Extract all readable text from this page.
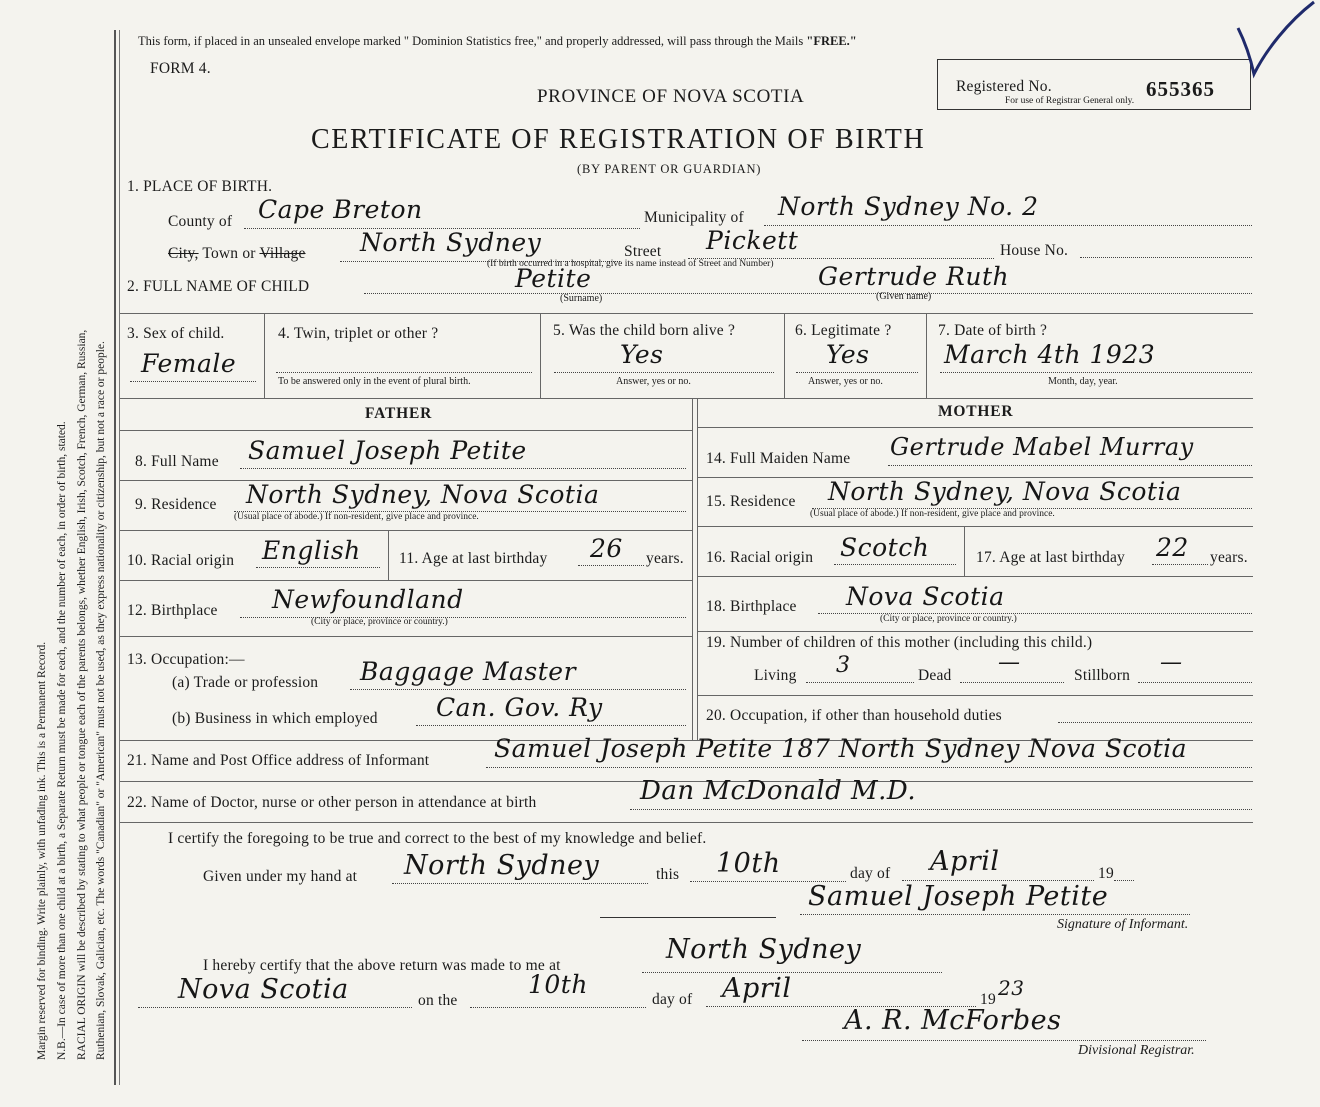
Margin reserved for binding. Write plainly, with unfading ink. This is a Permanent Record. N.B.—In case of more than one child at a birth, a Separate Return must be made for each, and the number of each, in order of birth, stated. RACIAL ORIGIN will be described by stating to what people or tongue each of the parents belongs, whether English, Irish, Scotch, French, German, Russian, Ruthenian, Slovak, Galician, etc. The words "Canadian" or "American" must not be used, as they express nationality or citizenship, but not a race or people.
This form, if placed in an unsealed envelope marked " Dominion Statistics free," and properly addressed, will pass through the Mails "FREE."
FORM 4.
PROVINCE OF NOVA SCOTIA
CERTIFICATE OF REGISTRATION OF BIRTH
(BY PARENT OR GUARDIAN)
Registered No.
For use of Registrar General only. 655365
1. PLACE OF BIRTH.
County of Cape Breton	Municipality of North Sydney No. 2
City, Town or Village North Sydney	Street Pickett
(If birth occurred in a hospital, give its name instead of Street and Number)
House No.
2. FULL NAME OF CHILD	Petite
(Surname)
Gertrude Ruth
(Given name)
3. Sex of child.
Female
4. Twin, triplet or other ?
To be answered only in the event of plural birth.
5. Was the child born alive ?
Yes
Answer, yes or no.
6. Legitimate ?
Yes
Answer, yes or no.
7. Date of birth ?
March 4th 1923
Month, day, year.
FATHER
8. Full Name Samuel Joseph Petite
9. Residence North Sydney, Nova Scotia
(Usual place of abode.) If non-resident, give place and province.
10. Racial origin English 11. Age at last birthday 26 years.
12. Birthplace Newfoundland
(City or place, province or country.)
13. Occupation:—
(a) Trade or profession Baggage Master
(b) Business in which employed Can. Gov. Ry
MOTHER
14. Full Maiden Name Gertrude Mabel Murray
15. Residence North Sydney, Nova Scotia
(Usual place of abode.) If non-resident, give place and province.
16. Racial origin Scotch	17. Age at last birthday 22 years.
18. Birthplace Nova Scotia
(City or place, province or country.)
19. Number of children of this mother (including this child.)
Living 3	Dead
—
Stillborn
—
20. Occupation, if other than household duties
21. Name and Post Office address of Informant	Samuel Joseph Petite 187 North Sydney Nova Scotia
22. Name of Doctor, nurse or other person in attendance at birth	Dan McDonald M.D.
I certify the foregoing to be true and correct to the best of my knowledge and belief.
Given under my hand at North Sydney	this 10th	day of April	19
Samuel Joseph Petite
Signature of Informant.
I hereby certify that the above return was made to me at
North Sydney
Nova Scotia	on the
10th
day of April	19 23
A. R. McForbes
Divisional Registrar.
